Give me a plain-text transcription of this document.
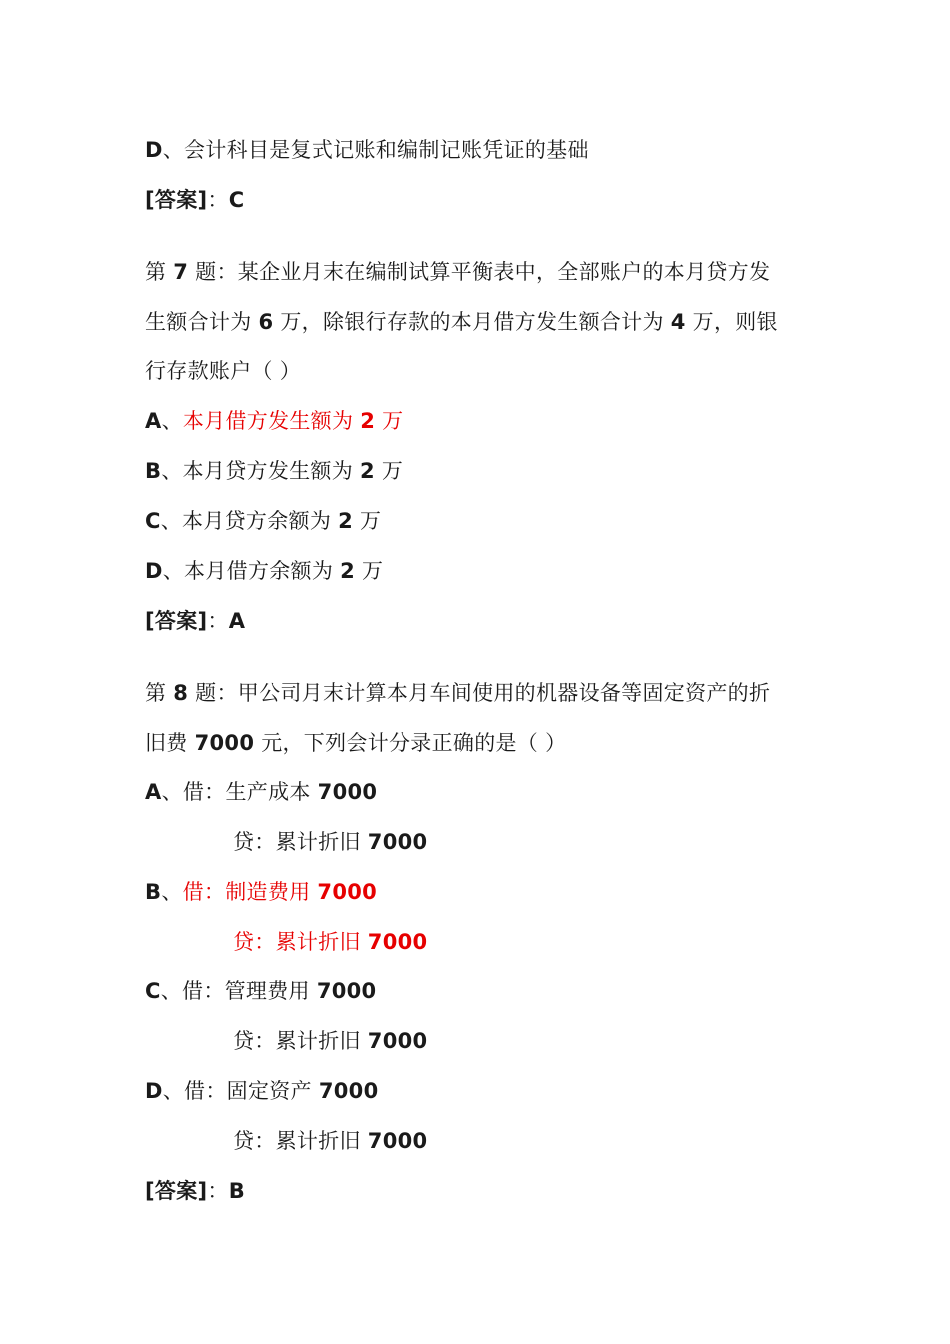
D、会计科目是复式记账和编制记账凭证的基础
[答案]：C
第 7 题：某企业月末在编制试算平衡表中，全部账户的本月贷方发
生额合计为 6 万，除银行存款的本月借方发生额合计为 4 万，则银
行存款账户（ ）
A、本月借方发生额为 2 万
B、本月贷方发生额为 2 万
C、本月贷方余额为 2 万
D、本月借方余额为 2 万
[答案]：A
第 8 题：甲公司月末计算本月车间使用的机器设备等固定资产的折
旧费 7000 元，下列会计分录正确的是（ ）
A、借：生产成本 7000
贷：累计折旧 7000
B、借：制造费用 7000
贷：累计折旧 7000
C、借：管理费用 7000
贷：累计折旧 7000
D、借：固定资产 7000
贷：累计折旧 7000
[答案]：B
